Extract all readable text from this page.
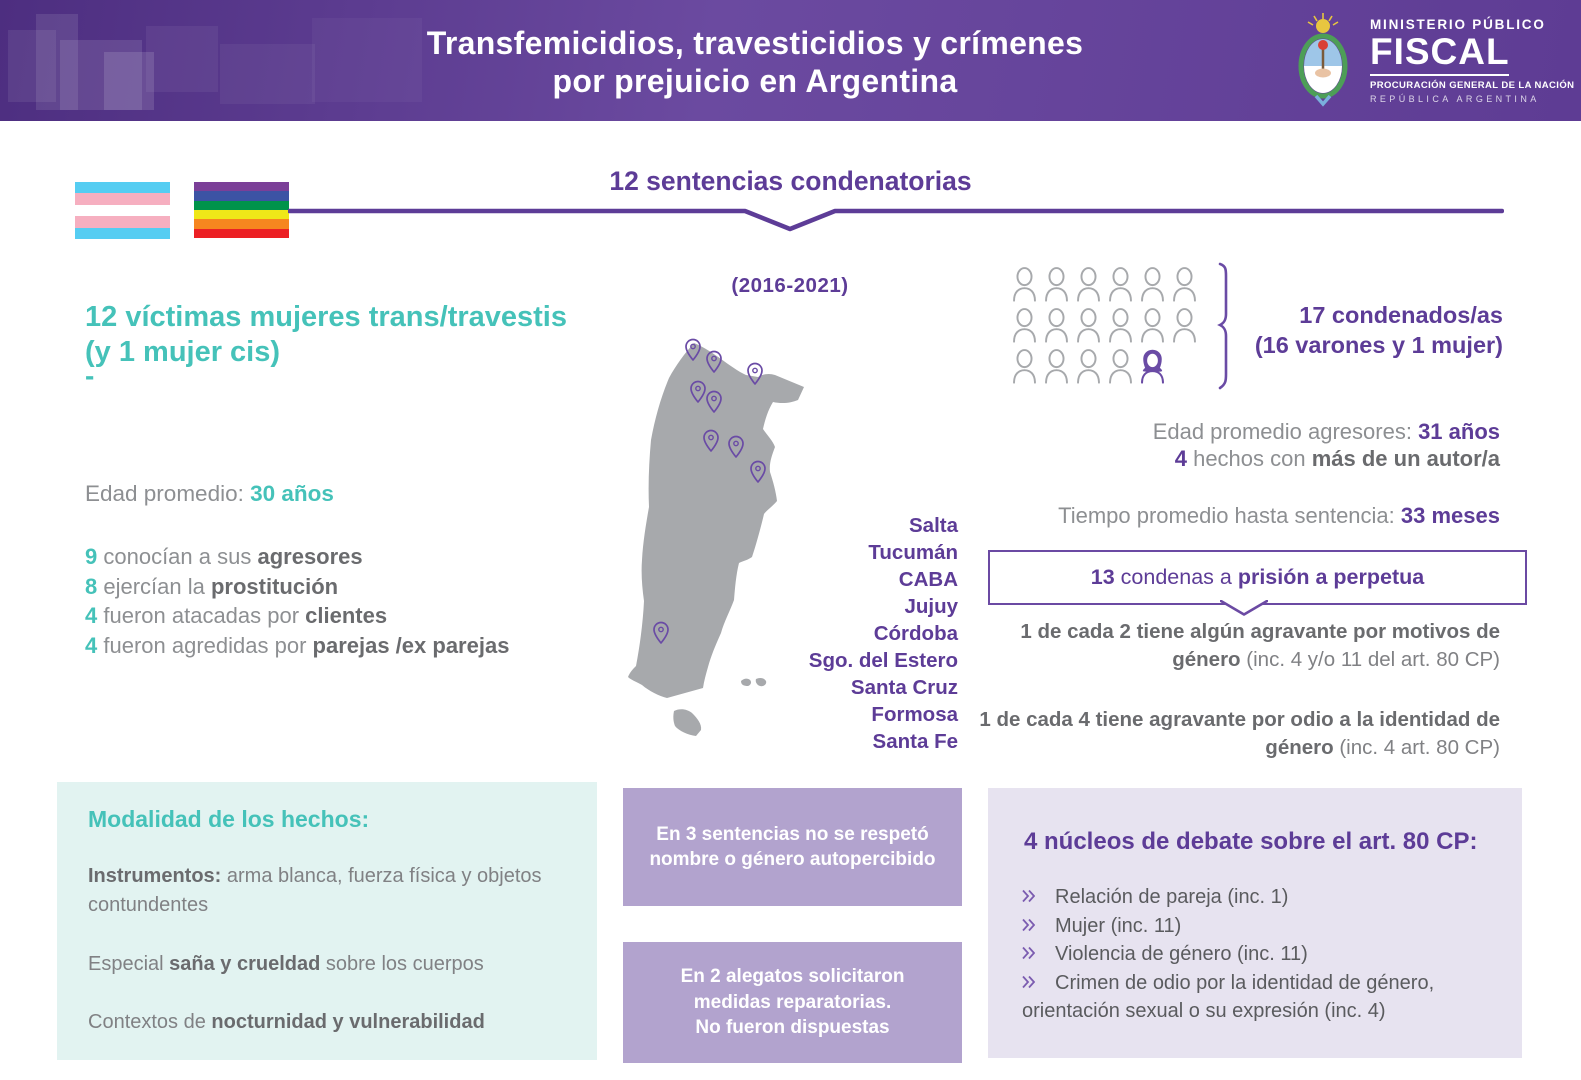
Transfemicidios, travesticidios y crímenes
por prejuicio en Argentina
MINISTERIO PÚBLICO
FISCAL
PROCURACIÓN GENERAL DE LA NACIÓN
REPÚBLICA ARGENTINA
12 sentencias condenatorias
12 víctimas mujeres trans/travestis
(y 1 mujer cis)
-
Edad promedio: 30 años
9 conocían a sus agresores
8 ejercían la prostitución
4 fueron atacadas por clientes
4 fueron agredidas por parejas /ex parejas
(2016-2021)
Salta
Tucumán
CABA
Jujuy
Córdoba
Sgo. del Estero
Santa Cruz
Formosa
Santa Fe
17 condenados/as
(16 varones y 1 mujer)
Edad promedio agresores: 31 años
4 hechos con más de un autor/a
Tiempo promedio hasta sentencia: 33 meses
13 condenas a prisión a perpetua
1 de cada 2 tiene algún agravante por motivos de género (inc. 4 y/o 11 del art. 80 CP)
1 de cada 4 tiene agravante por odio a la identidad de género (inc. 4 art. 80 CP)
Modalidad de los hechos:

Instrumentos: arma blanca, fuerza física y objetos contundentes

Especial saña y crueldad sobre los cuerpos

Contextos de nocturnidad y vulnerabilidad

En 3 sentencias no se respetó
nombre o género autopercibido
En 2 alegatos solicitaron
medidas reparatorias.
No fueron dispuestas
4 núcleos de debate sobre el art. 80 CP:
Relación de pareja (inc. 1)
Mujer (inc. 11)
Violencia de género (inc. 11)
Crimen de odio por la identidad de género, orientación sexual o su expresión (inc. 4)
